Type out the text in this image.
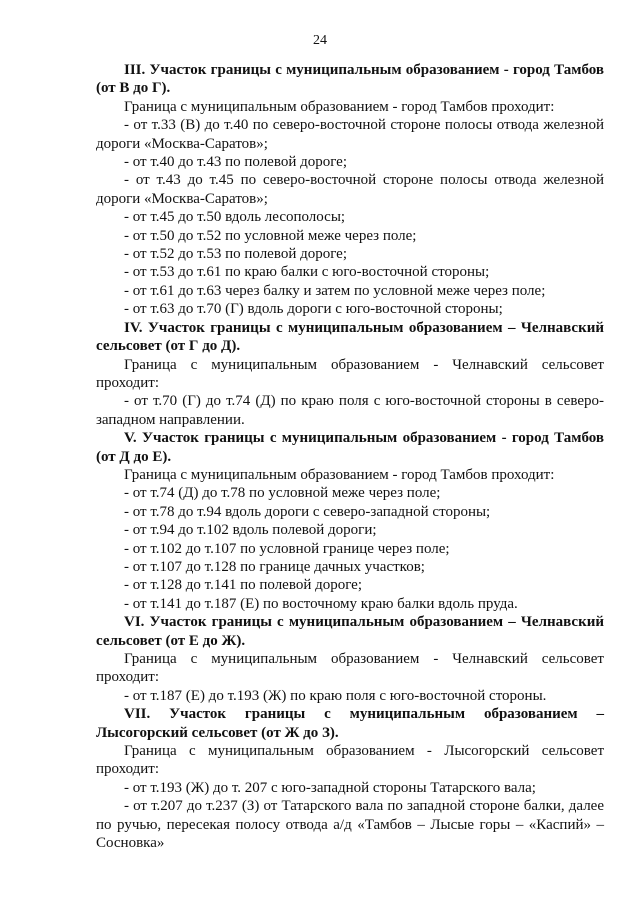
24

III. Участок границы с муниципальным образованием - город Тамбов (от В до Г).

Граница с муниципальным образованием - город Тамбов проходит:

- от т.33 (В) до т.40 по северо-восточной стороне полосы отвода железной дороги «Москва-Саратов»;

- от т.40 до т.43 по полевой дороге;

- от т.43 до т.45 по северо-восточной стороне полосы отвода железной дороги «Москва-Саратов»;

- от т.45 до т.50 вдоль лесополосы;

- от т.50 до т.52 по условной меже через поле;

- от т.52 до т.53 по полевой дороге;

- от т.53 до т.61 по краю балки с юго-восточной стороны;

- от т.61 до т.63 через балку и затем по условной меже через поле;

- от т.63 до т.70 (Г) вдоль дороги с юго-восточной стороны;

IV. Участок границы с муниципальным образованием – Челнавский сельсовет (от Г до Д).

Граница с муниципальным образованием - Челнавский сельсовет проходит:

- от т.70 (Г) до т.74 (Д) по краю поля с юго-восточной стороны в северо-западном направлении.

V. Участок границы с муниципальным образованием - город Тамбов (от Д до Е).

Граница с муниципальным образованием - город Тамбов проходит:

- от т.74 (Д) до т.78 по условной меже через поле;

- от т.78 до т.94 вдоль дороги с северо-западной стороны;

- от т.94 до т.102 вдоль полевой дороги;

- от т.102 до т.107 по условной границе через поле;

- от т.107 до т.128 по границе дачных участков;

- от т.128 до т.141 по полевой дороге;

- от т.141 до т.187 (Е) по восточному краю балки вдоль пруда.

VI. Участок границы с муниципальным образованием – Челнавский сельсовет (от Е до Ж).

Граница с муниципальным образованием - Челнавский сельсовет проходит:

- от т.187 (Е) до т.193 (Ж) по краю поля с юго-восточной стороны.

VII. Участок границы с муниципальным образованием – Лысогорский сельсовет (от Ж до З).

Граница с муниципальным образованием - Лысогорский сельсовет проходит:

- от т.193 (Ж) до т. 207 с юго-западной стороны Татарского вала;

- от т.207 до т.237 (З) от Татарского вала по западной стороне балки, далее по ручью, пересекая полосу отвода а/д «Тамбов – Лысые горы – «Каспий» –Сосновка»
